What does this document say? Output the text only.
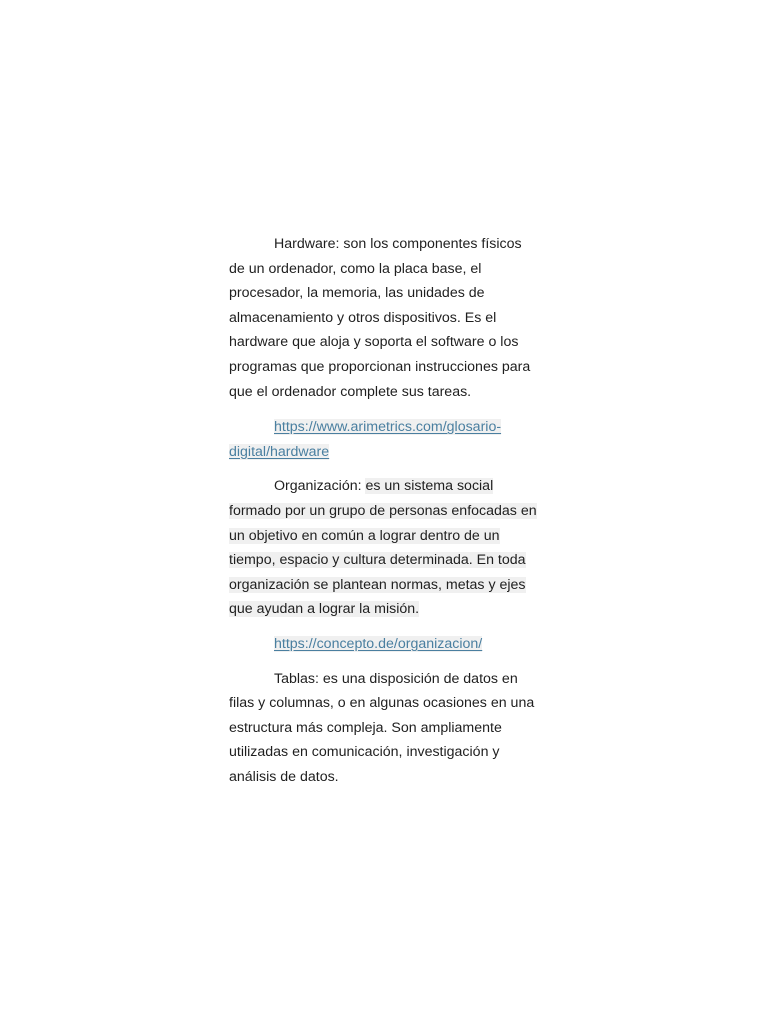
Hardware: son los componentes físicos de un ordenador, como la placa base, el procesador, la memoria, las unidades de almacenamiento y otros dispositivos. Es el hardware que aloja y soporta el software o los programas que proporcionan instrucciones para que el ordenador complete sus tareas.

https://www.arimetrics.com/glosario-digital/hardware

Organización: es un sistema social formado por un grupo de personas enfocadas en un objetivo en común a lograr dentro de un tiempo, espacio y cultura determinada. En toda organización se plantean normas, metas y ejes que ayudan a lograr la misión.

https://concepto.de/organizacion/

Tablas: es una disposición de datos en filas y columnas, o en algunas ocasiones en una estructura más compleja. Son ampliamente utilizadas en comunicación, investigación y análisis de datos.
